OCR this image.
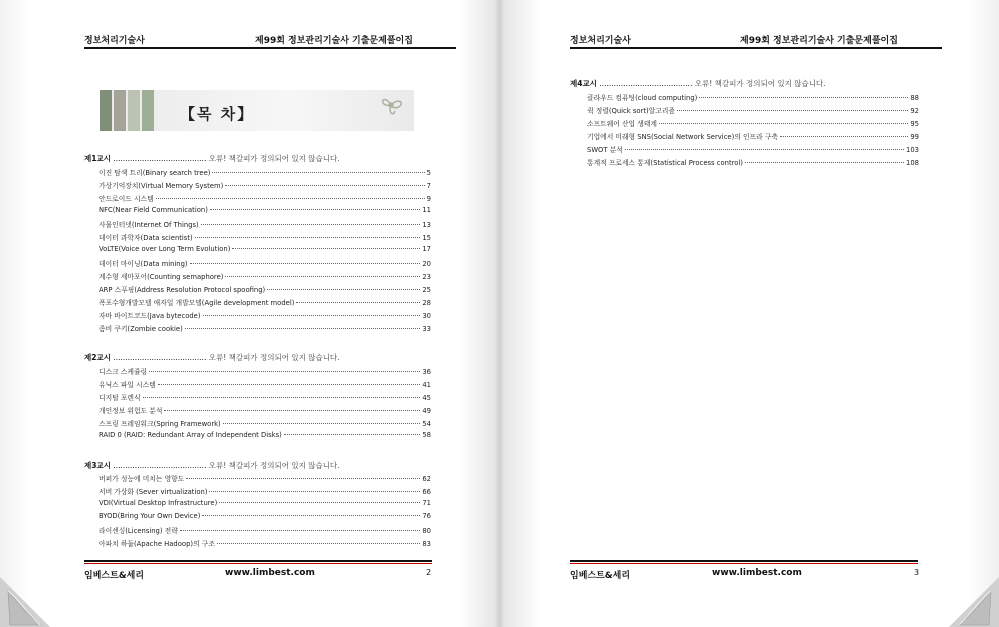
정보처리기술사	제99회 정보관리기술사 기출문제풀이집
【목 차】
제1교시 ....................................... 오류! 책갈피가 정의되어 있지 않습니다.
이진 탐색 트리(Binary search tree)	5
가상기억장치(Virtual Memory System)	7
안드로이드 시스템	9
NFC(Near Field Communication)	11
사물인터넷(Internet Of Things)	13
데이터 과학자(Data scientist)	15
VoLTE(Voice over Long Term Evolution)	17
데이터 마이닝(Data mining)	20
계수형 세마포어(Counting semaphore)	23
ARP 스푸핑(Address Resolution Protocol spoofing)	25
폭포수형개발모델 애자일 개발모델(Agile development model)	28
자바 바이트코드(Java bytecode)	30
좀비 쿠키(Zombie cookie)	33
제2교시 ....................................... 오류! 책갈피가 정의되어 있지 않습니다.
디스크 스케쥴링	36
유닉스 파일 시스템	41
디지털 포렌식	45
개인정보 위험도 분석	49
스프링 프레임워크(Spring Framework)	54
RAID 0 (RAID: Redundant Array of Independent Disks)	58
제3교시 ....................................... 오류! 책갈피가 정의되어 있지 않습니다.
버퍼가 성능에 미치는 영향도	62
서버 가상화 (Sever virtualization)	66
VDI(Virtual Desktop Infrastructure)	71
BYOD(Bring Your Own Device)	76
라이센싱(Licensing) 전략	80
아파치 하둡(Apache Hadoop)의 구조	83
임베스트&세리	www.limbest.com	2
정보처리기술사	제99회 정보관리기술사 기출문제풀이집
제4교시 ....................................... 오류! 책갈피가 정의되어 있지 않습니다.
클라우드 컴퓨팅(cloud computing)	88
퀵 정렬(Quick sort)알고리즘	92
소프트웨어 산업 생태계	95
기업에서 미래형 SNS(Social Network Service)의 인프라 구축	99
SWOT 분석	103
통계적 프로세스 통제(Statistical Process control)	108
임베스트&세리	www.limbest.com	3
